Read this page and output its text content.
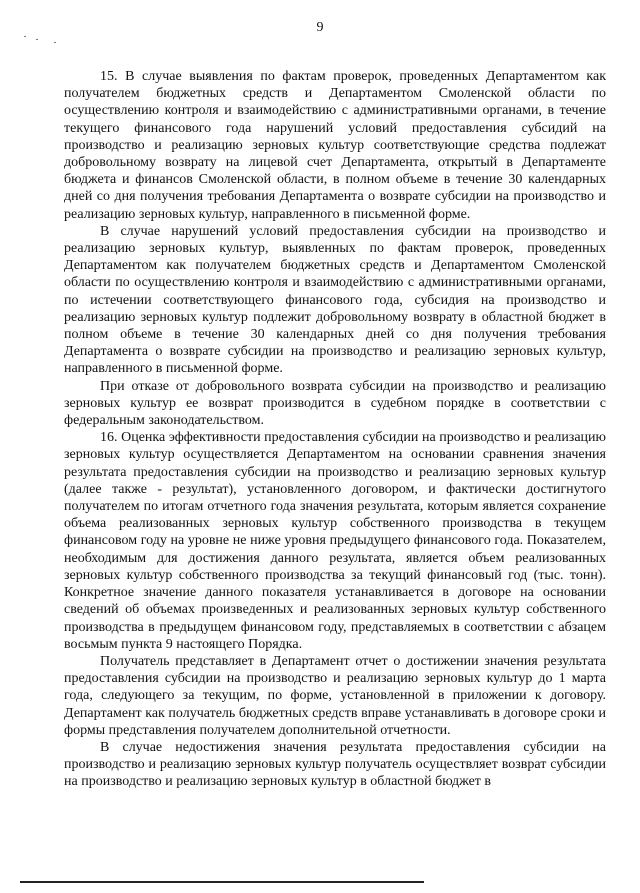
9

15. В случае выявления по фактам проверок, проведенных Департаментом как получателем бюджетных средств и Департаментом Смоленской области по осуществлению контроля и взаимодействию с административными органами, в течение текущего финансового года нарушений условий предоставления субсидий на производство и реализацию зерновых культур соответствующие средства подлежат добровольному возврату на лицевой счет Департамента, открытый в Департаменте бюджета и финансов Смоленской области, в полном объеме в течение 30 календарных дней со дня получения требования Департамента о возврате субсидии на производство и реализацию зерновых культур, направленного в письменной форме.

В случае нарушений условий предоставления субсидии на производство и реализацию зерновых культур, выявленных по фактам проверок, проведенных Департаментом как получателем бюджетных средств и Департаментом Смоленской области по осуществлению контроля и взаимодействию с административными органами, по истечении соответствующего финансового года, субсидия на производство и реализацию зерновых культур подлежит добровольному возврату в областной бюджет в полном объеме в течение 30 календарных дней со дня получения требования Департамента о возврате субсидии на производство и реализацию зерновых культур, направленного в письменной форме.

При отказе от добровольного возврата субсидии на производство и реализацию зерновых культур ее возврат производится в судебном порядке в соответствии с федеральным законодательством.

16. Оценка эффективности предоставления субсидии на производство и реализацию зерновых культур осуществляется Департаментом на основании сравнения значения результата предоставления субсидии на производство и реализацию зерновых культур (далее также - результат), установленного договором, и фактически достигнутого получателем по итогам отчетного года значения результата, которым является сохранение объема реализованных зерновых культур собственного производства в текущем финансовом году на уровне не ниже уровня предыдущего финансового года. Показателем, необходимым для достижения данного результата, является объем реализованных зерновых культур собственного производства за текущий финансовый год (тыс. тонн). Конкретное значение данного показателя устанавливается в договоре на основании сведений об объемах произведенных и реализованных зерновых культур собственного производства в предыдущем финансовом году, представляемых в соответствии с абзацем восьмым пункта 9 настоящего Порядка.

Получатель представляет в Департамент отчет о достижении значения результата предоставления субсидии на производство и реализацию зерновых культур до 1 марта года, следующего за текущим, по форме, установленной в приложении к договору. Департамент как получатель бюджетных средств вправе устанавливать в договоре сроки и формы представления получателем дополнительной отчетности.

В случае недостижения значения результата предоставления субсидии на производство и реализацию зерновых культур получатель осуществляет возврат субсидии на производство и реализацию зерновых культур в областной бюджет в
